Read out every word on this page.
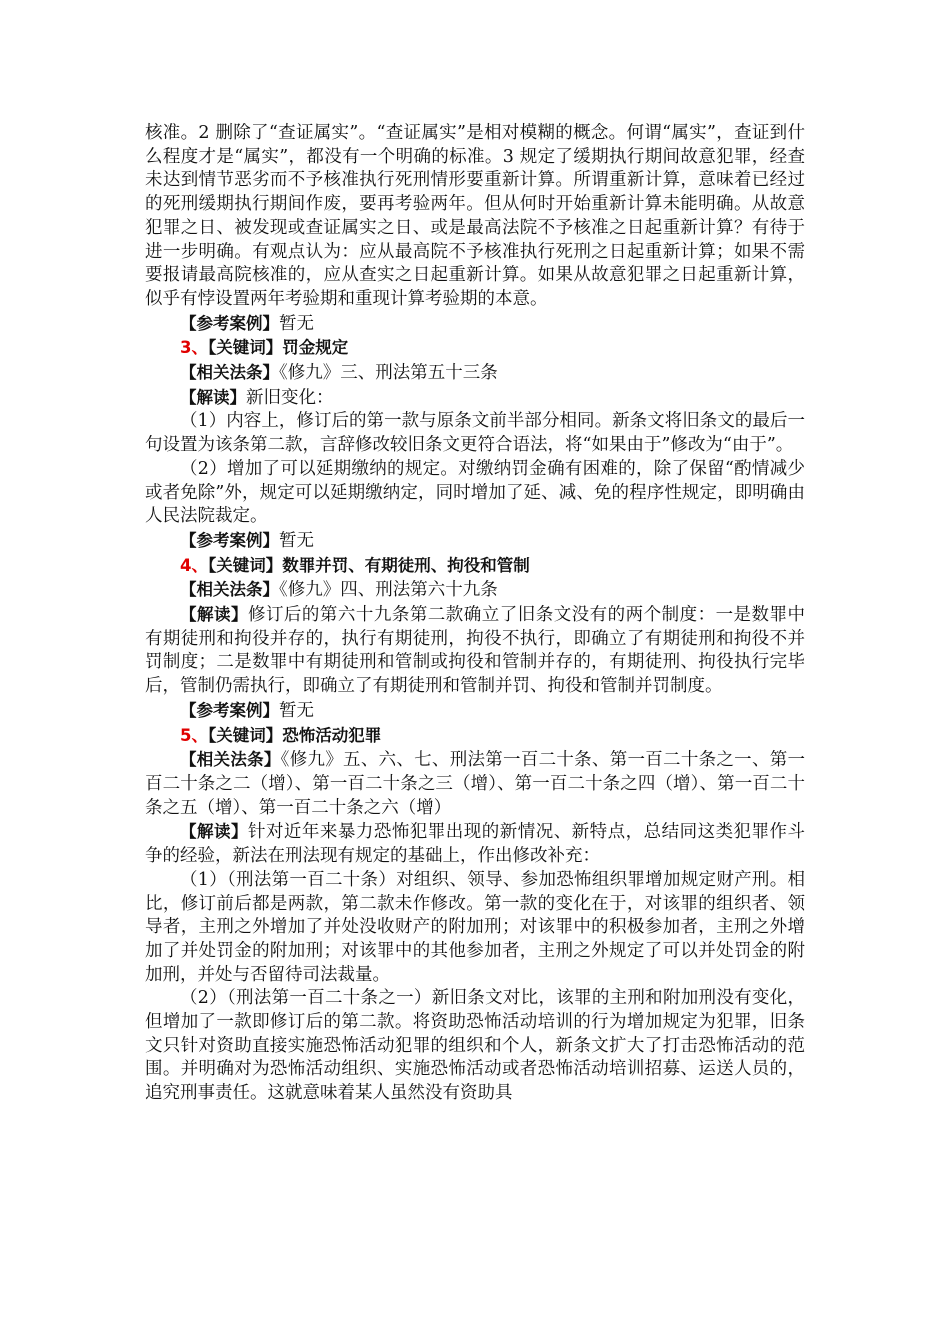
核准。2 删除了“查证属实”。“查证属实”是相对模糊的概念。何谓“属实”，查证到什么程度才是“属实”，都没有一个明确的标准。3 规定了缓期执行期间故意犯罪，经查未达到情节恶劣而不予核准执行死刑情形要重新计算。所谓重新计算，意味着已经过的死刑缓期执行期间作废，要再考验两年。但从何时开始重新计算未能明确。从故意犯罪之日、被发现或查证属实之日、或是最高法院不予核准之日起重新计算？有待于进一步明确。有观点认为：应从最高院不予核准执行死刑之日起重新计算；如果不需要报请最高院核准的，应从查实之日起重新计算。如果从故意犯罪之日起重新计算，似乎有悖设置两年考验期和重现计算考验期的本意。

【参考案例】暂无

3、【关键词】罚金规定

【相关法条】《修九》三、刑法第五十三条

【解读】新旧变化：

（1）内容上，修订后的第一款与原条文前半部分相同。新条文将旧条文的最后一句设置为该条第二款，言辞修改较旧条文更符合语法，将“如果由于”修改为“由于”。

（2）增加了可以延期缴纳的规定。对缴纳罚金确有困难的，除了保留“酌情减少或者免除”外，规定可以延期缴纳定，同时增加了延、减、免的程序性规定，即明确由人民法院裁定。

【参考案例】暂无

4、【关键词】数罪并罚、有期徒刑、拘役和管制

【相关法条】《修九》四、刑法第六十九条

【解读】修订后的第六十九条第二款确立了旧条文没有的两个制度：一是数罪中有期徒刑和拘役并存的，执行有期徒刑，拘役不执行，即确立了有期徒刑和拘役不并罚制度；二是数罪中有期徒刑和管制或拘役和管制并存的，有期徒刑、拘役执行完毕后，管制仍需执行，即确立了有期徒刑和管制并罚、拘役和管制并罚制度。

【参考案例】暂无

5、【关键词】恐怖活动犯罪

【相关法条】《修九》五、六、七、刑法第一百二十条、第一百二十条之一、第一百二十条之二（增）、第一百二十条之三（增）、第一百二十条之四（增）、第一百二十条之五（增）、第一百二十条之六（增）

【解读】针对近年来暴力恐怖犯罪出现的新情况、新特点，总结同这类犯罪作斗争的经验，新法在刑法现有规定的基础上，作出修改补充：

（1）（刑法第一百二十条）对组织、领导、参加恐怖组织罪增加规定财产刑。相比，修订前后都是两款，第二款未作修改。第一款的变化在于，对该罪的组织者、领导者，主刑之外增加了并处没收财产的附加刑；对该罪中的积极参加者，主刑之外增加了并处罚金的附加刑；对该罪中的其他参加者，主刑之外规定了可以并处罚金的附加刑，并处与否留待司法裁量。

（2）（刑法第一百二十条之一）新旧条文对比，该罪的主刑和附加刑没有变化，但增加了一款即修订后的第二款。将资助恐怖活动培训的行为增加规定为犯罪，旧条文只针对资助直接实施恐怖活动犯罪的组织和个人，新条文扩大了打击恐怖活动的范围。并明确对为恐怖活动组织、实施恐怖活动或者恐怖活动培训招募、运送人员的，追究刑事责任。这就意味着某人虽然没有资助具
